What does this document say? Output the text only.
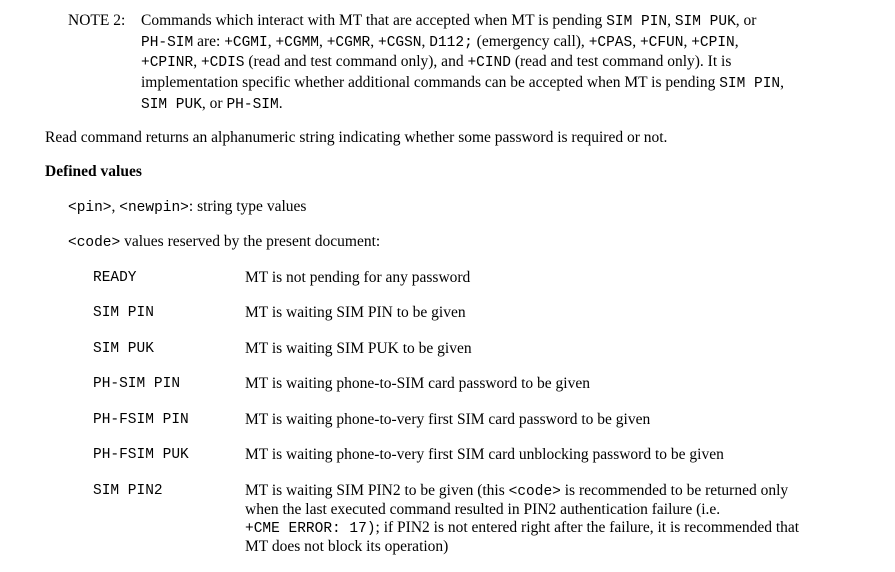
NOTE 2: Commands which interact with MT that are accepted when MT is pending SIM PIN, SIM PUK, or
PH-SIM are: +CGMI, +CGMM, +CGMR, +CGSN, D112; (emergency call), +CPAS, +CFUN, +CPIN,
+CPINR, +CDIS (read and test command only), and +CIND (read and test command only). It is
implementation specific whether additional commands can be accepted when MT is pending SIM PIN,
SIM PUK, or PH-SIM.
Read command returns an alphanumeric string indicating whether some password is required or not.
Defined values
<pin>, <newpin>: string type values
<code> values reserved by the present document:
READY	MT is not pending for any password
SIM PIN	MT is waiting SIM PIN to be given
SIM PUK	MT is waiting SIM PUK to be given
PH-SIM PIN	MT is waiting phone-to-SIM card password to be given
PH-FSIM PIN	MT is waiting phone-to-very first SIM card password to be given
PH-FSIM PUK	MT is waiting phone-to-very first SIM card unblocking password to be given
SIM PIN2	MT is waiting SIM PIN2 to be given (this <code> is recommended to be returned only
when the last executed command resulted in PIN2 authentication failure (i.e.
+CME ERROR: 17); if PIN2 is not entered right after the failure, it is recommended that
MT does not block its operation)
